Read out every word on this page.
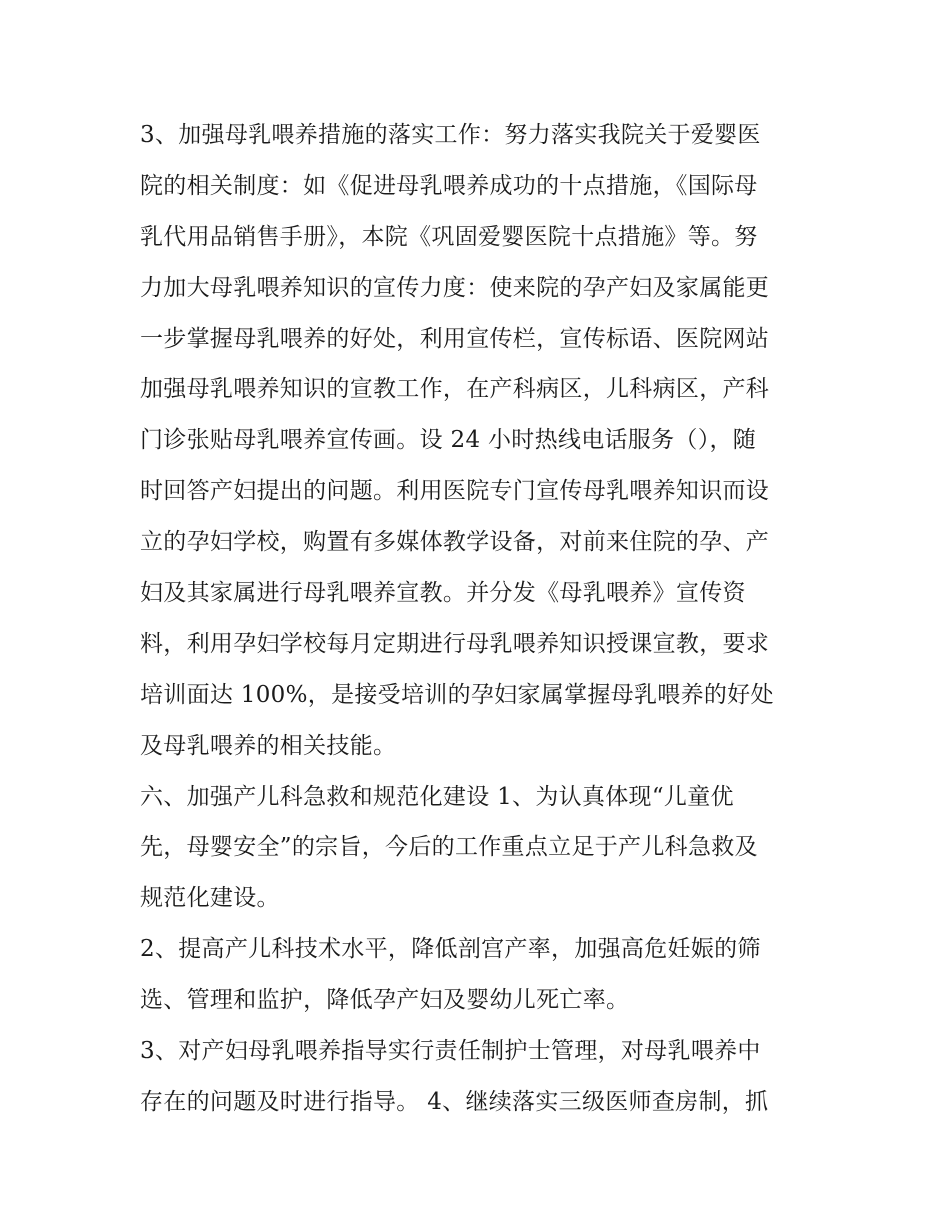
3、加强母乳喂养措施的落实工作：努力落实我院关于爱婴医
院的相关制度：如《促进母乳喂养成功的十点措施，《国际母
乳代用品销售手册》，本院《巩固爱婴医院十点措施》等。努
力加大母乳喂养知识的宣传力度：使来院的孕产妇及家属能更
一步掌握母乳喂养的好处，利用宣传栏，宣传标语、医院网站
加强母乳喂养知识的宣教工作，在产科病区，儿科病区，产科
门诊张贴母乳喂养宣传画。设 24 小时热线电话服务（），随
时回答产妇提出的问题。利用医院专门宣传母乳喂养知识而设
立的孕妇学校，购置有多媒体教学设备，对前来住院的孕、产
妇及其家属进行母乳喂养宣教。并分发《母乳喂养》宣传资
料，利用孕妇学校每月定期进行母乳喂养知识授课宣教，要求
培训面达 100%，是接受培训的孕妇家属掌握母乳喂养的好处
及母乳喂养的相关技能。
六、加强产儿科急救和规范化建设 1、为认真体现“儿童优
先，母婴安全”的宗旨，今后的工作重点立足于产儿科急救及
规范化建设。
2、提高产儿科技术水平，降低剖宫产率，加强高危妊娠的筛
选、管理和监护，降低孕产妇及婴幼儿死亡率。
3、对产妇母乳喂养指导实行责任制护士管理，对母乳喂养中
存在的问题及时进行指导。 4、继续落实三级医师查房制，抓
